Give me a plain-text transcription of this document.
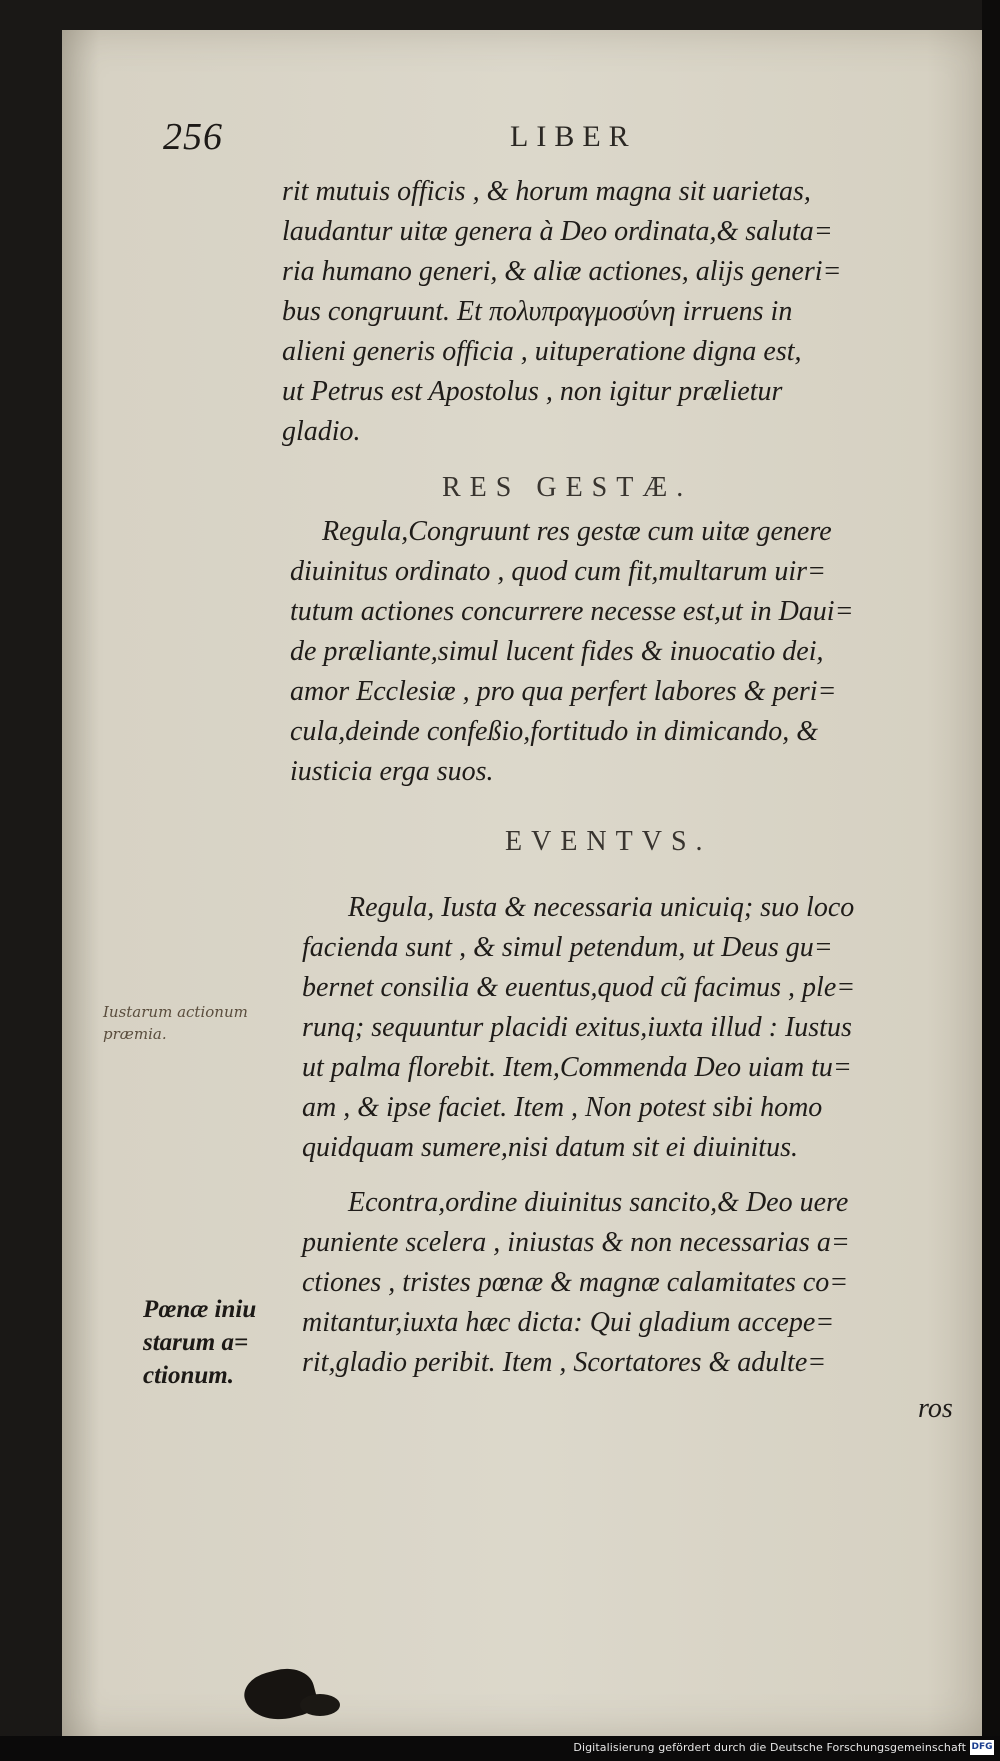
256	LIBER

rit mutuis officis , & horum magna sit uarietas,
laudantur uitæ genera à Deo ordinata,& saluta=
ria humano generi, & aliæ actiones, alijs generi=
bus congruunt. Et πολυπραγμοσύνη irruens in
alieni generis officia , uituperatione digna est,
ut Petrus est Apostolus , non igitur prælietur
gladio.

RES GESTÆ.

Regula,Congruunt res gestæ cum uitæ genere
diuinitus ordinato , quod cum fit,multarum uir=
tutum actiones concurrere necesse est,ut in Daui=
de præliante,simul lucent fides & inuocatio dei,
amor Ecclesiæ , pro qua perfert labores & peri=
cula,deinde confeßio,fortitudo in dimicando, &
iusticia erga suos.

EVENTVS.

Regula, Iusta & necessaria unicuiq; suo loco
facienda sunt , & simul petendum, ut Deus gu=
bernet consilia & euentus,quod cũ facimus , ple=
runq; sequuntur placidi exitus,iuxta illud : Iustus
ut palma florebit. Item,Commenda Deo uiam tu=
am , & ipse faciet. Item , Non potest sibi homo
quidquam sumere,nisi datum sit ei diuinitus.

Econtra,ordine diuinitus sancito,& Deo uere
puniente scelera , iniustas & non necessarias a=
ctiones , tristes pœnæ & magnæ calamitates co=
mitantur,iuxta hæc dicta: Qui gladium accepe=
rit,gladio peribit. Item , Scortatores & adulte=

ros
Iustarum actionum
præmia.
Pœnæ iniu
starum a=
ctionum.
Digitalisierung gefördert durch die Deutsche Forschungsgemeinschaft DFG
